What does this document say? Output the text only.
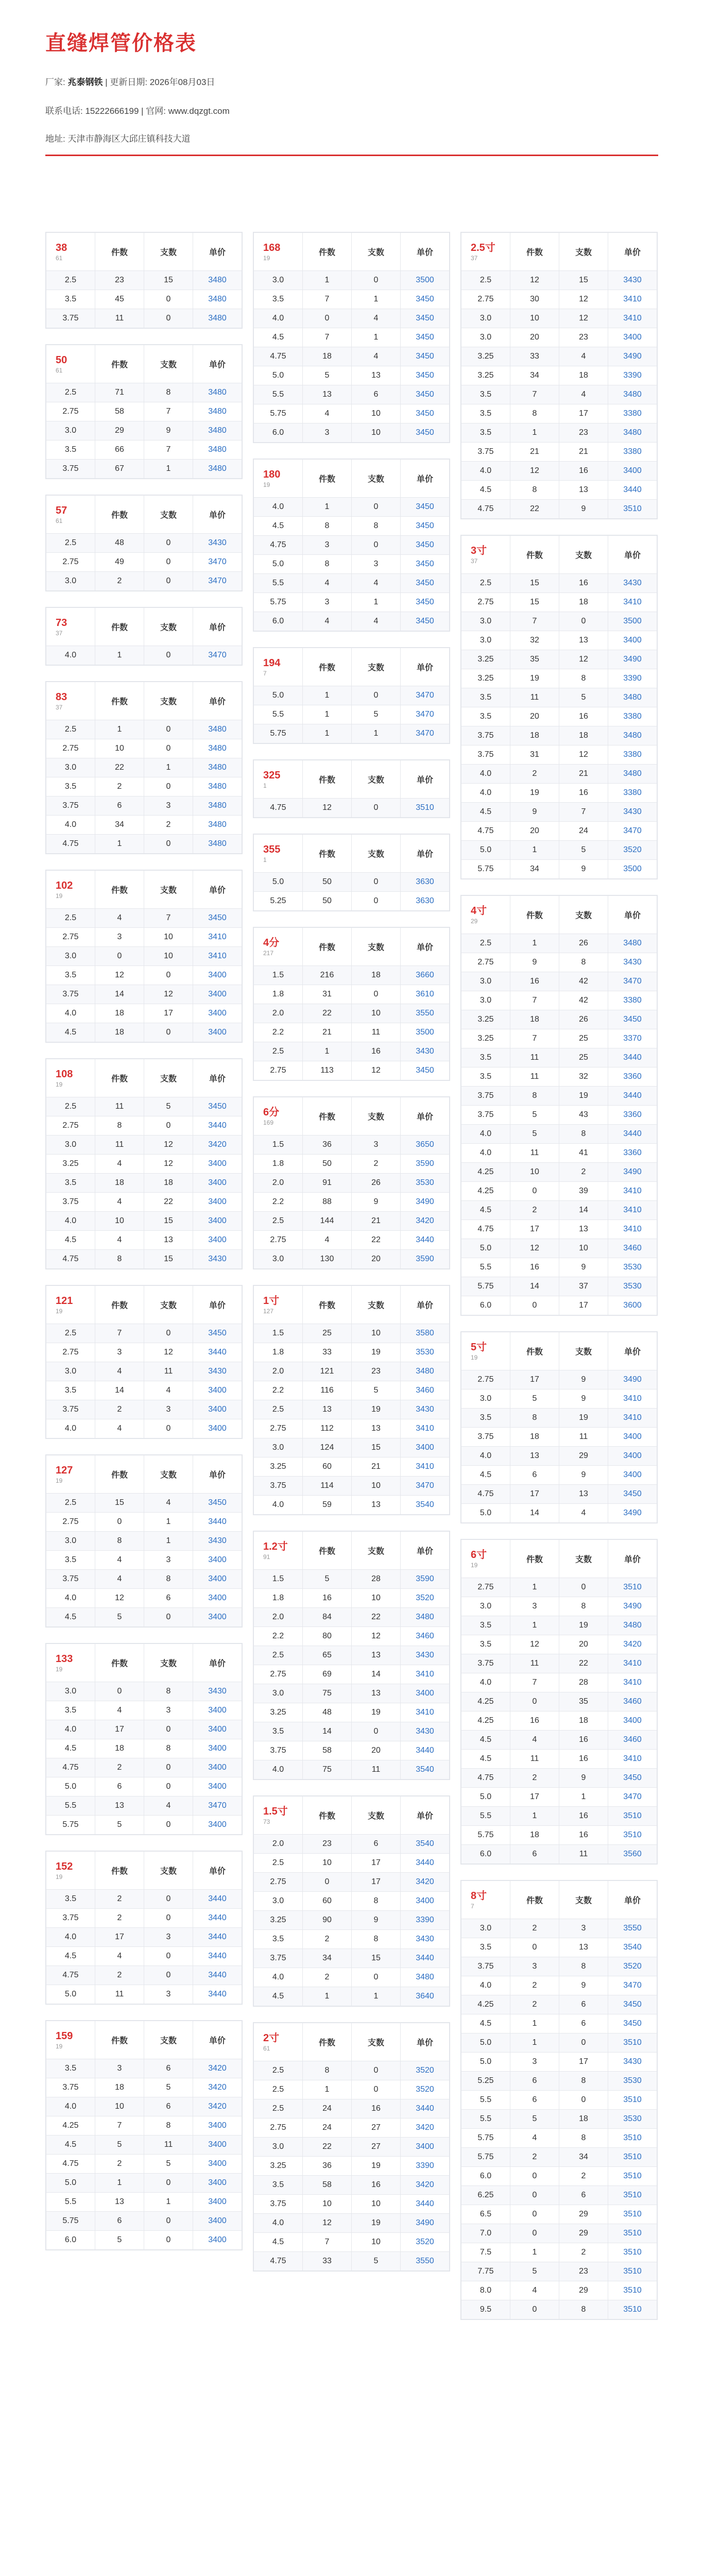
直缝焊管价格表
厂家: 兆泰钢铁 | 更新日期: 2026年08月03日
联系电话: 15222666199 | 官网: www.dqzgt.com
地址: 天津市静海区大邱庄镇科技大道
38
61	件数	支数	单价
2.5	23	15	3480
3.5	45	0	3480
3.75	11	0	3480
50
61	件数	支数	单价
2.5	71	8	3480
2.75	58	7	3480
3.0	29	9	3480
3.5	66	7	3480
3.75	67	1	3480
57
61	件数	支数	单价
2.5	48	0	3430
2.75	49	0	3470
3.0	2	0	3470
73
37	件数	支数	单价
4.0	1	0	3470
83
37	件数	支数	单价
2.5	1	0	3480
2.75	10	0	3480
3.0	22	1	3480
3.5	2	0	3480
3.75	6	3	3480
4.0	34	2	3480
4.75	1	0	3480
102
19	件数	支数	单价
2.5	4	7	3450
2.75	3	10	3410
3.0	0	10	3410
3.5	12	0	3400
3.75	14	12	3400
4.0	18	17	3400
4.5	18	0	3400
108
19	件数	支数	单价
2.5	11	5	3450
2.75	8	0	3440
3.0	11	12	3420
3.25	4	12	3400
3.5	18	18	3400
3.75	4	22	3400
4.0	10	15	3400
4.5	4	13	3400
4.75	8	15	3430
121
19	件数	支数	单价
2.5	7	0	3450
2.75	3	12	3440
3.0	4	11	3430
3.5	14	4	3400
3.75	2	3	3400
4.0	4	0	3400
127
19	件数	支数	单价
2.5	15	4	3450
2.75	0	1	3440
3.0	8	1	3430
3.5	4	3	3400
3.75	4	8	3400
4.0	12	6	3400
4.5	5	0	3400
133
19	件数	支数	单价
3.0	0	8	3430
3.5	4	3	3400
4.0	17	0	3400
4.5	18	8	3400
4.75	2	0	3400
5.0	6	0	3400
5.5	13	4	3470
5.75	5	0	3400
152
19	件数	支数	单价
3.5	2	0	3440
3.75	2	0	3440
4.0	17	3	3440
4.5	4	0	3440
4.75	2	0	3440
5.0	11	3	3440
159
19	件数	支数	单价
3.5	3	6	3420
3.75	18	5	3420
4.0	10	6	3420
4.25	7	8	3400
4.5	5	11	3400
4.75	2	5	3400
5.0	1	0	3400
5.5	13	1	3400
5.75	6	0	3400
6.0	5	0	3400
168
19	件数	支数	单价
3.0	1	0	3500
3.5	7	1	3450
4.0	0	4	3450
4.5	7	1	3450
4.75	18	4	3450
5.0	5	13	3450
5.5	13	6	3450
5.75	4	10	3450
6.0	3	10	3450
180
19	件数	支数	单价
4.0	1	0	3450
4.5	8	8	3450
4.75	3	0	3450
5.0	8	3	3450
5.5	4	4	3450
5.75	3	1	3450
6.0	4	4	3450
194
7	件数	支数	单价
5.0	1	0	3470
5.5	1	5	3470
5.75	1	1	3470
325
1	件数	支数	单价
4.75	12	0	3510
355
1	件数	支数	单价
5.0	50	0	3630
5.25	50	0	3630
4分
217	件数	支数	单价
1.5	216	18	3660
1.8	31	0	3610
2.0	22	10	3550
2.2	21	11	3500
2.5	1	16	3430
2.75	113	12	3450
6分
169	件数	支数	单价
1.5	36	3	3650
1.8	50	2	3590
2.0	91	26	3530
2.2	88	9	3490
2.5	144	21	3420
2.75	4	22	3440
3.0	130	20	3590
1寸
127	件数	支数	单价
1.5	25	10	3580
1.8	33	19	3530
2.0	121	23	3480
2.2	116	5	3460
2.5	13	19	3430
2.75	112	13	3410
3.0	124	15	3400
3.25	60	21	3410
3.75	114	10	3470
4.0	59	13	3540
1.2寸
91	件数	支数	单价
1.5	5	28	3590
1.8	16	10	3520
2.0	84	22	3480
2.2	80	12	3460
2.5	65	13	3430
2.75	69	14	3410
3.0	75	13	3400
3.25	48	19	3410
3.5	14	0	3430
3.75	58	20	3440
4.0	75	11	3540
1.5寸
73	件数	支数	单价
2.0	23	6	3540
2.5	10	17	3440
2.75	0	17	3420
3.0	60	8	3400
3.25	90	9	3390
3.5	2	8	3430
3.75	34	15	3440
4.0	2	0	3480
4.5	1	1	3640
2寸
61	件数	支数	单价
2.5	8	0	3520
2.5	1	0	3520
2.5	24	16	3440
2.75	24	27	3420
3.0	22	27	3400
3.25	36	19	3390
3.5	58	16	3420
3.75	10	10	3440
4.0	12	19	3490
4.5	7	10	3520
4.75	33	5	3550
2.5寸
37	件数	支数	单价
2.5	12	15	3430
2.75	30	12	3410
3.0	10	12	3410
3.0	20	23	3400
3.25	33	4	3490
3.25	34	18	3390
3.5	7	4	3480
3.5	8	17	3380
3.5	1	23	3480
3.75	21	21	3380
4.0	12	16	3400
4.5	8	13	3440
4.75	22	9	3510
3寸
37	件数	支数	单价
2.5	15	16	3430
2.75	15	18	3410
3.0	7	0	3500
3.0	32	13	3400
3.25	35	12	3490
3.25	19	8	3390
3.5	11	5	3480
3.5	20	16	3380
3.75	18	18	3480
3.75	31	12	3380
4.0	2	21	3480
4.0	19	16	3380
4.5	9	7	3430
4.75	20	24	3470
5.0	1	5	3520
5.75	34	9	3500
4寸
29	件数	支数	单价
2.5	1	26	3480
2.75	9	8	3430
3.0	16	42	3470
3.0	7	42	3380
3.25	18	26	3450
3.25	7	25	3370
3.5	11	25	3440
3.5	11	32	3360
3.75	8	19	3440
3.75	5	43	3360
4.0	5	8	3440
4.0	11	41	3360
4.25	10	2	3490
4.25	0	39	3410
4.5	2	14	3410
4.75	17	13	3410
5.0	12	10	3460
5.5	16	9	3530
5.75	14	37	3530
6.0	0	17	3600
5寸
19	件数	支数	单价
2.75	17	9	3490
3.0	5	9	3410
3.5	8	19	3410
3.75	18	11	3400
4.0	13	29	3400
4.5	6	9	3400
4.75	17	13	3450
5.0	14	4	3490
6寸
19	件数	支数	单价
2.75	1	0	3510
3.0	3	8	3490
3.5	1	19	3480
3.5	12	20	3420
3.75	11	22	3410
4.0	7	28	3410
4.25	0	35	3460
4.25	16	18	3400
4.5	4	16	3460
4.5	11	16	3410
4.75	2	9	3450
5.0	17	1	3470
5.5	1	16	3510
5.75	18	16	3510
6.0	6	11	3560
8寸
7	件数	支数	单价
3.0	2	3	3550
3.5	0	13	3540
3.75	3	8	3520
4.0	2	9	3470
4.25	2	6	3450
4.5	1	6	3450
5.0	1	0	3510
5.0	3	17	3430
5.25	6	8	3530
5.5	6	0	3510
5.5	5	18	3530
5.75	4	8	3510
5.75	2	34	3510
6.0	0	2	3510
6.25	0	6	3510
6.5	0	29	3510
7.0	0	29	3510
7.5	1	2	3510
7.75	5	23	3510
8.0	4	29	3510
9.5	0	8	3510
